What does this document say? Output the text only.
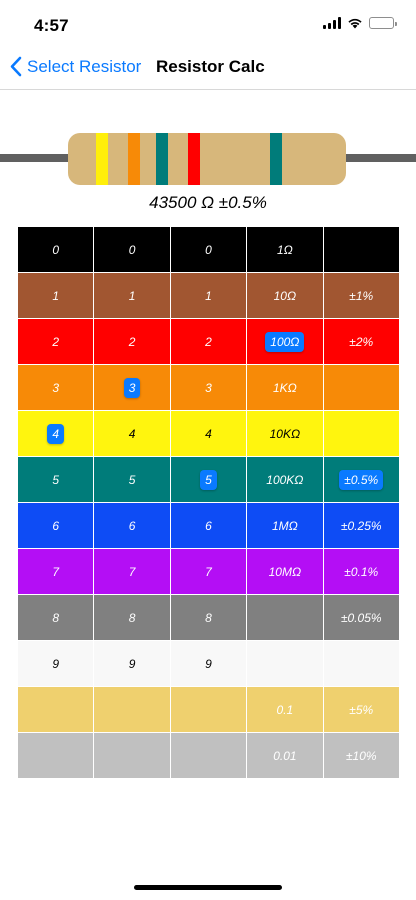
4:57
Select Resistor Resistor Calc
43500 Ω ±0.5%
0	0	0	1Ω	
1	1	1	10Ω	±1%
2	2	2	100Ω	±2%
3	3	3	1KΩ	
4	4	4	10KΩ	
5	5	5	100KΩ	±0.5%
6	6	6	1MΩ	±0.25%
7	7	7	10MΩ	±0.1%
8	8	8		±0.05%
9	9	9		
			0.1	±5%
			0.01	±10%
